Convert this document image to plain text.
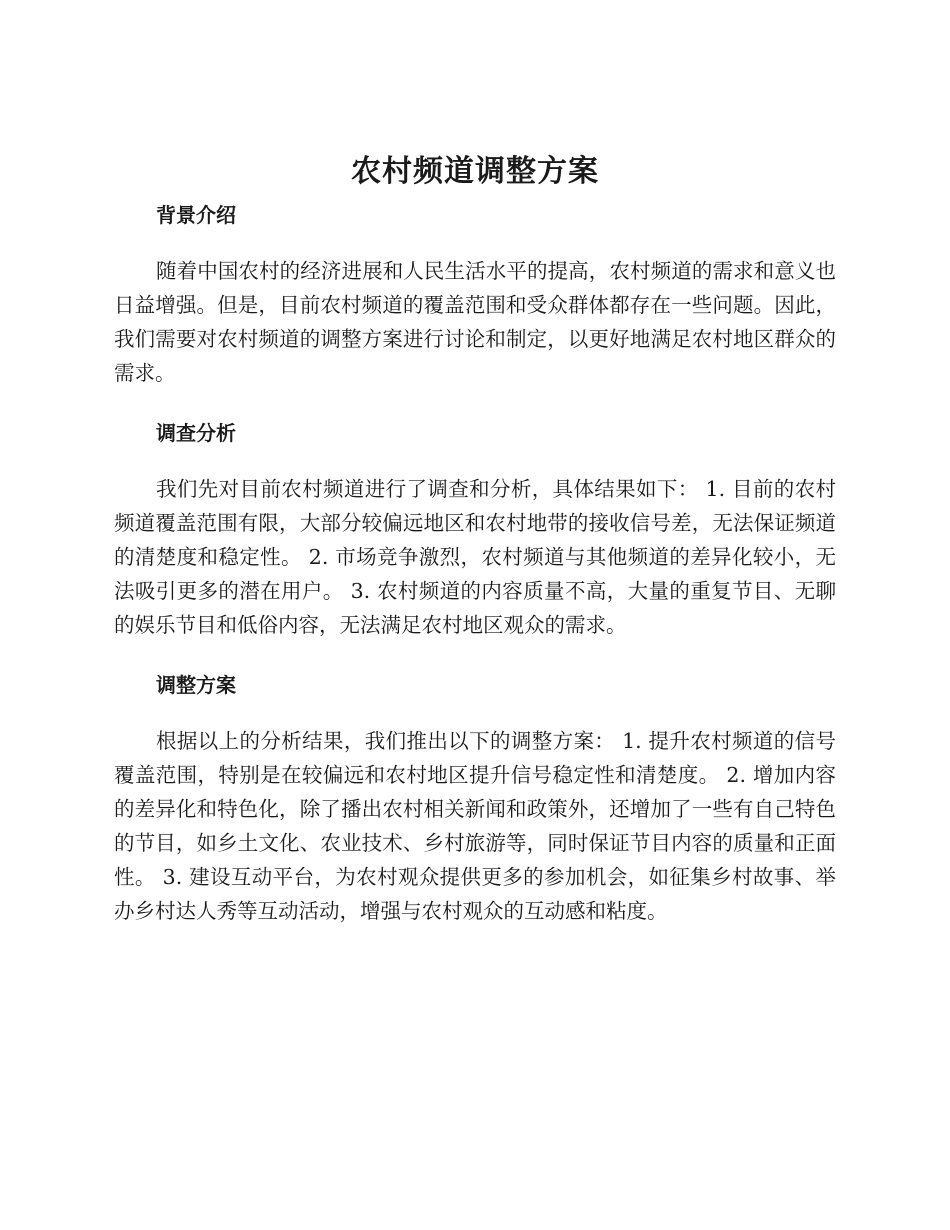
农村频道调整方案
背景介绍

随着中国农村的经济进展和人民生活水平的提高，农村频道的需求和意义也日益增强。但是，目前农村频道的覆盖范围和受众群体都存在一些问题。因此，我们需要对农村频道的调整方案进行讨论和制定，以更好地满足农村地区群众的需求。

调查分析

我们先对目前农村频道进行了调查和分析，具体结果如下： 1. 目前的农村频道覆盖范围有限，大部分较偏远地区和农村地带的接收信号差，无法保证频道的清楚度和稳定性。 2. 市场竞争激烈，农村频道与其他频道的差异化较小，无法吸引更多的潜在用户。 3. 农村频道的内容质量不高，大量的重复节目、无聊的娱乐节目和低俗内容，无法满足农村地区观众的需求。

调整方案

根据以上的分析结果，我们推出以下的调整方案： 1. 提升农村频道的信号覆盖范围，特别是在较偏远和农村地区提升信号稳定性和清楚度。 2. 增加内容的差异化和特色化，除了播出农村相关新闻和政策外，还增加了一些有自己特色的节目，如乡土文化、农业技术、乡村旅游等，同时保证节目内容的质量和正面性。 3. 建设互动平台，为农村观众提供更多的参加机会，如征集乡村故事、举办乡村达人秀等互动活动，增强与农村观众的互动感和粘度。
